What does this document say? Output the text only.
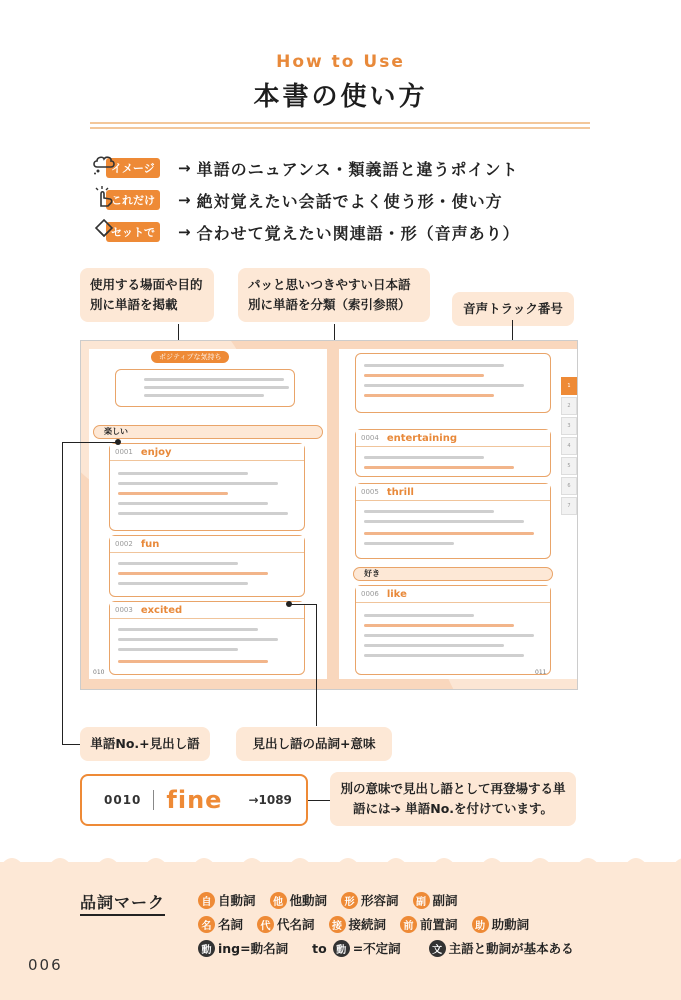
How to Use
本書の使い方
イメージ	→ 単語のニュアンス・類義語と違うポイント
これだけ	→ 絶対覚えたい会話でよく使う形・使い方
セットで	→ 合わせて覚えたい関連語・形（音声あり）
使用する場面や目的別に単語を掲載
パッと思いつきやすい日本語別に単語を分類（索引参照）	音声トラック番号
ポジティブな気持ち
楽しい
0001 enjoy
0002 fun
0003 excited
010
0004 entertaining
0005 thrill
好き
0006 like
011
1
2
3
4
5
6
7
単語No.+見出し語	見出し語の品詞+意味
0010 fine →1089
別の意味で見出し語として再登場する単語には➔ 単語No.を付けています。
品詞マーク	自 自動詞	他 他動詞	形 形容詞	副 副詞
名 名詞	代 代名詞	接 接続詞	前 前置詞	助 助動詞
動 ing=動名詞 to 動 =不定詞	文 主語と動詞が基本ある
006
